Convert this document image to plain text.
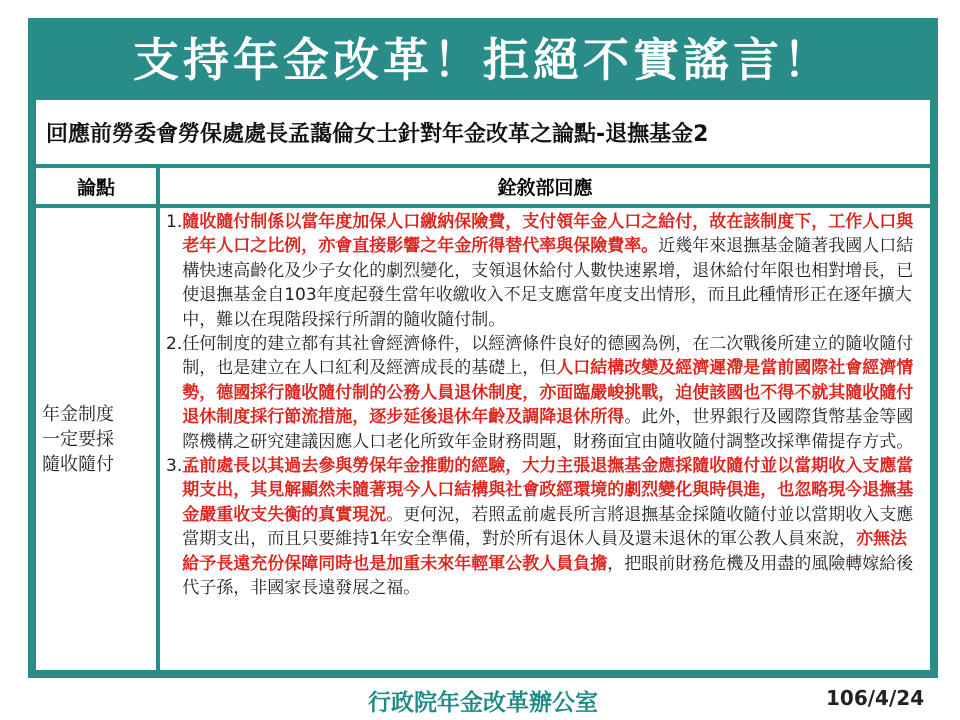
支持年金改革！拒絕不實謠言！
回應前勞委會勞保處處長孟藹倫女士針對年金改革之論點-退撫基金2
論點	銓敘部回應
年金制度一定要採隨收隨付
1. 隨收隨付制係以當年度加保人口繳納保險費，支付領年金人口之給付，故在該制度下，工作人口與老年人口之比例，亦會直接影響之年金所得替代率與保險費率。近幾年來退撫基金隨著我國人口結構快速高齡化及少子女化的劇烈變化，支領退休給付人數快速累增，退休給付年限也相對增長，已使退撫基金自103年度起發生當年收繳收入不足支應當年度支出情形，而且此種情形正在逐年擴大中，難以在現階段採行所謂的隨收隨付制。
2. 任何制度的建立都有其社會經濟條件，以經濟條件良好的德國為例，在二次戰後所建立的隨收隨付制，也是建立在人口紅利及經濟成長的基礎上，但人口結構改變及經濟遲滯是當前國際社會經濟情勢，德國採行隨收隨付制的公務人員退休制度，亦面臨嚴峻挑戰，迫使該國也不得不就其隨收隨付退休制度採行節流措施，逐步延後退休年齡及調降退休所得。此外，世界銀行及國際貨幣基金等國際機構之研究建議因應人口老化所致年金財務問題，財務面宜由隨收隨付調整改採準備提存方式。
3. 孟前處長以其過去參與勞保年金推動的經驗，大力主張退撫基金應採隨收隨付並以當期收入支應當期支出，其見解顯然未隨著現今人口結構與社會政經環境的劇烈變化與時俱進，也忽略現今退撫基金嚴重收支失衡的真實現況。更何況，若照孟前處長所言將退撫基金採隨收隨付並以當期收入支應當期支出，而且只要維持1年安全準備，對於所有退休人員及還未退休的軍公教人員來說，亦無法給予長遠充份保障同時也是加重未來年輕軍公教人員負擔，把眼前財務危機及用盡的風險轉嫁給後代子孫，非國家長遠發展之福。
行政院年金改革辦公室	106/4/24
